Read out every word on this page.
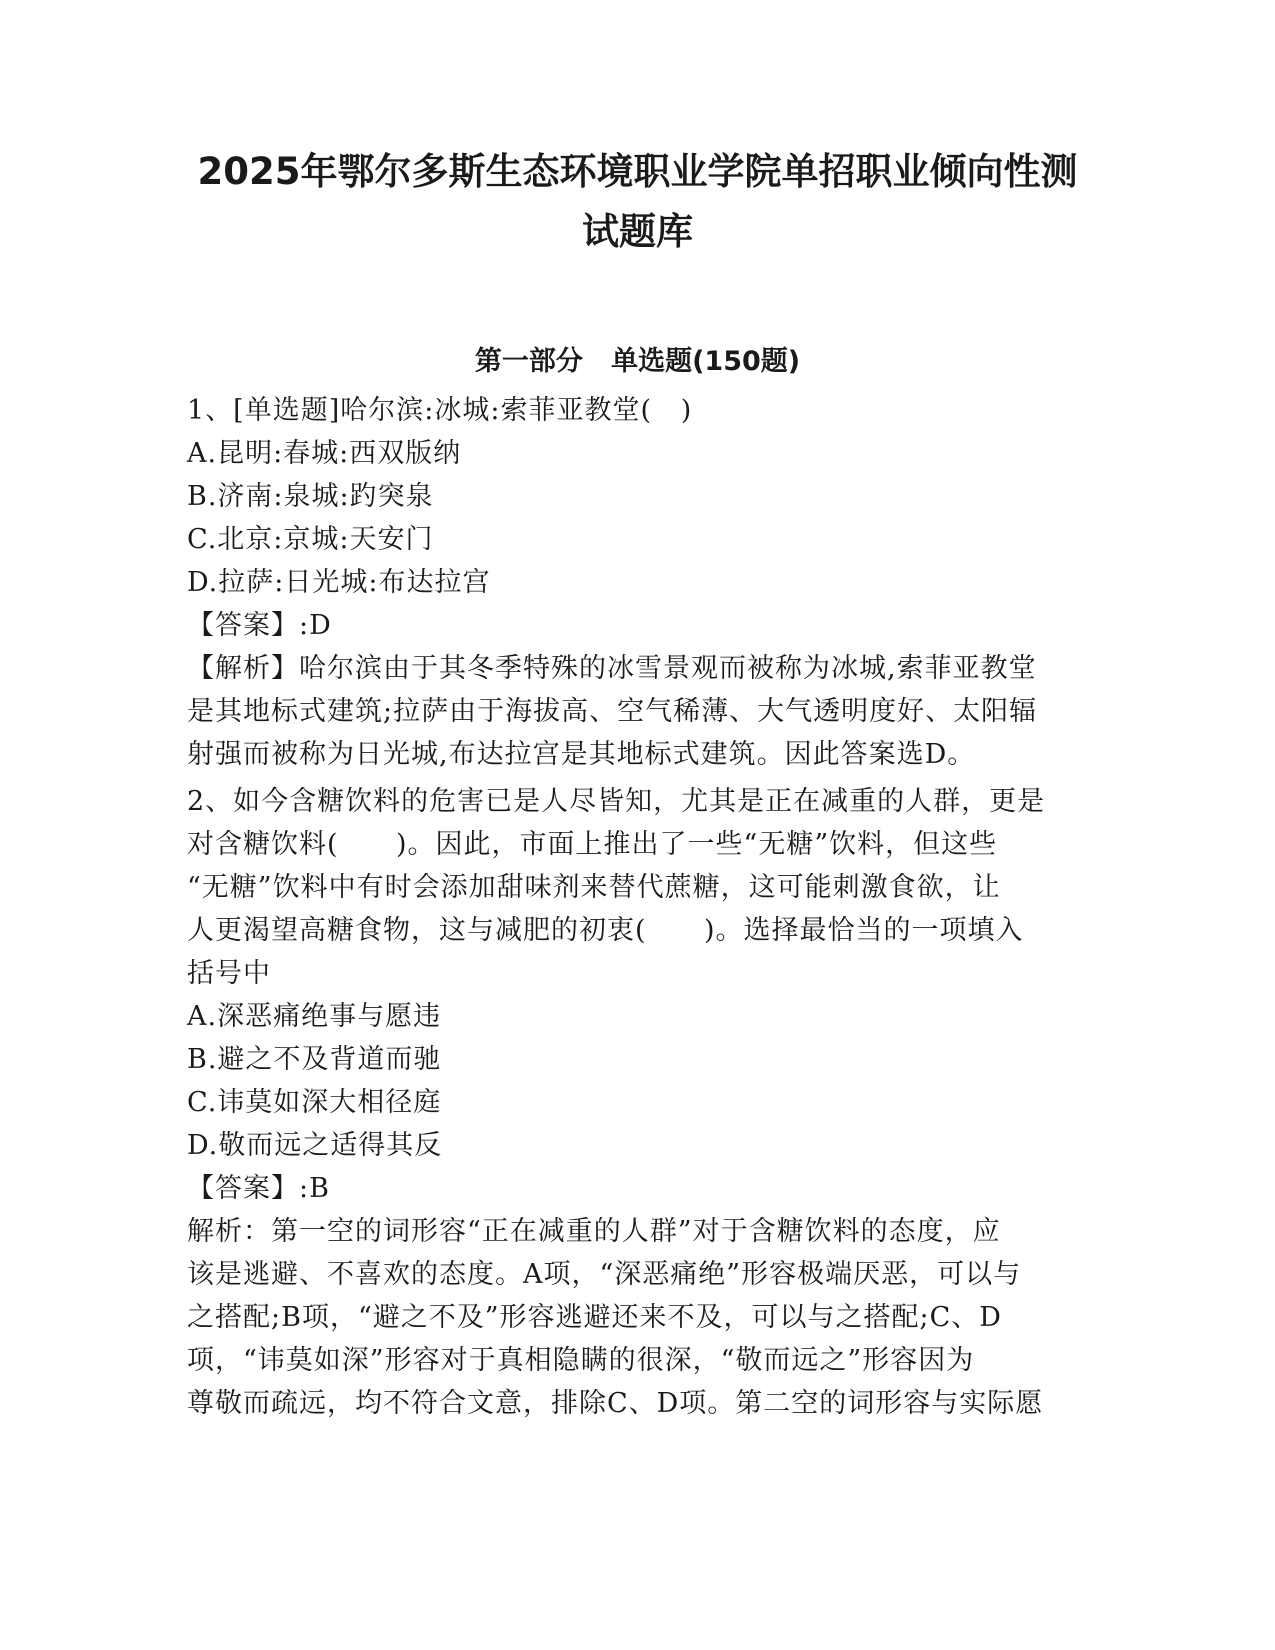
2025年鄂尔多斯生态环境职业学院单招职业倾向性测
试题库
第一部分   单选题(150题)
1、[单选题]哈尔滨:冰城:索菲亚教堂(   )
A.昆明:春城:西双版纳
B.济南:泉城:趵突泉
C.北京:京城:天安门
D.拉萨:日光城:布达拉宫
【答案】:D
【解析】哈尔滨由于其冬季特殊的冰雪景观而被称为冰城,索菲亚教堂
是其地标式建筑;拉萨由于海拔高、空气稀薄、大气透明度好、太阳辐
射强而被称为日光城,布达拉宫是其地标式建筑。因此答案选D。
2、如今含糖饮料的危害已是人尽皆知，尤其是正在减重的人群，更是
对含糖饮料(      )。因此，市面上推出了一些“无糖”饮料，但这些
“无糖”饮料中有时会添加甜味剂来替代蔗糖，这可能刺激食欲，让
人更渴望高糖食物，这与减肥的初衷(      )。选择最恰当的一项填入
括号中
A.深恶痛绝事与愿违
B.避之不及背道而驰
C.讳莫如深大相径庭
D.敬而远之适得其反
【答案】:B
解析：第一空的词形容“正在减重的人群”对于含糖饮料的态度，应
该是逃避、不喜欢的态度。A项，“深恶痛绝”形容极端厌恶，可以与
之搭配;B项，“避之不及”形容逃避还来不及，可以与之搭配;C、D
项，“讳莫如深”形容对于真相隐瞒的很深，“敬而远之”形容因为
尊敬而疏远，均不符合文意，排除C、D项。第二空的词形容与实际愿
